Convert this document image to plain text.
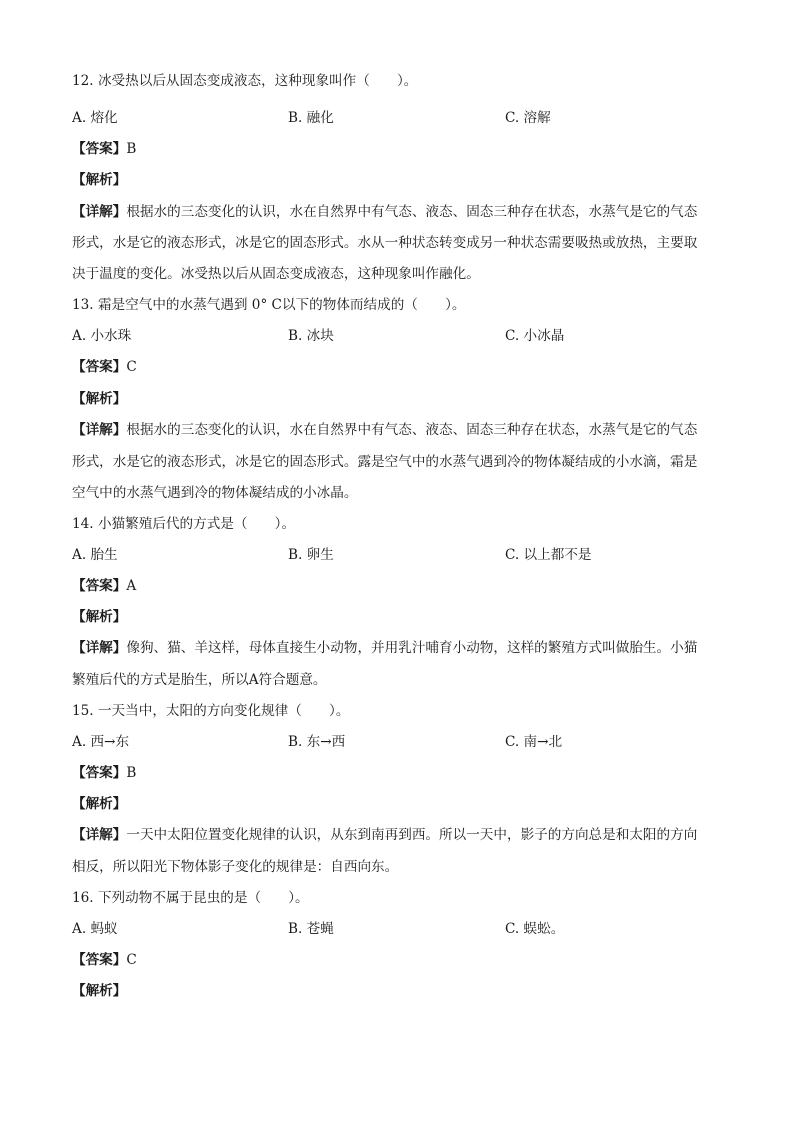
12. 冰受热以后从固态变成液态，这种现象叫作（　　）。
A. 熔化	B. 融化	C. 溶解
【答案】B
【解析】
【详解】根据水的三态变化的认识，水在自然界中有气态、液态、固态三种存在状态，水蒸气是它的气态
形式，水是它的液态形式，冰是它的固态形式。水从一种状态转变成另一种状态需要吸热或放热，主要取
决于温度的变化。冰受热以后从固态变成液态，这种现象叫作融化。
13. 霜是空气中的水蒸气遇到 0° C以下的物体而结成的（　　）。
A. 小水珠	B. 冰块	C. 小冰晶
【答案】C
【解析】
【详解】根据水的三态变化的认识，水在自然界中有气态、液态、固态三种存在状态，水蒸气是它的气态
形式，水是它的液态形式，冰是它的固态形式。露是空气中的水蒸气遇到冷的物体凝结成的小水滴，霜是
空气中的水蒸气遇到冷的物体凝结成的小冰晶。
14. 小猫繁殖后代的方式是（　　）。
A. 胎生	B. 卵生	C. 以上都不是
【答案】A
【解析】
【详解】像狗、猫、羊这样，母体直接生小动物，并用乳汁哺育小动物，这样的繁殖方式叫做胎生。小猫
繁殖后代的方式是胎生，所以A符合题意。
15. 一天当中，太阳的方向变化规律（　　）。
A. 西→东	B. 东→西	C. 南→北
【答案】B
【解析】
【详解】一天中太阳位置变化规律的认识，从东到南再到西。所以一天中，影子的方向总是和太阳的方向
相反，所以阳光下物体影子变化的规律是：自西向东。
16. 下列动物不属于昆虫的是（　　）。
A. 蚂蚁	B. 苍蝇	C. 蜈蚣。
【答案】C
【解析】
